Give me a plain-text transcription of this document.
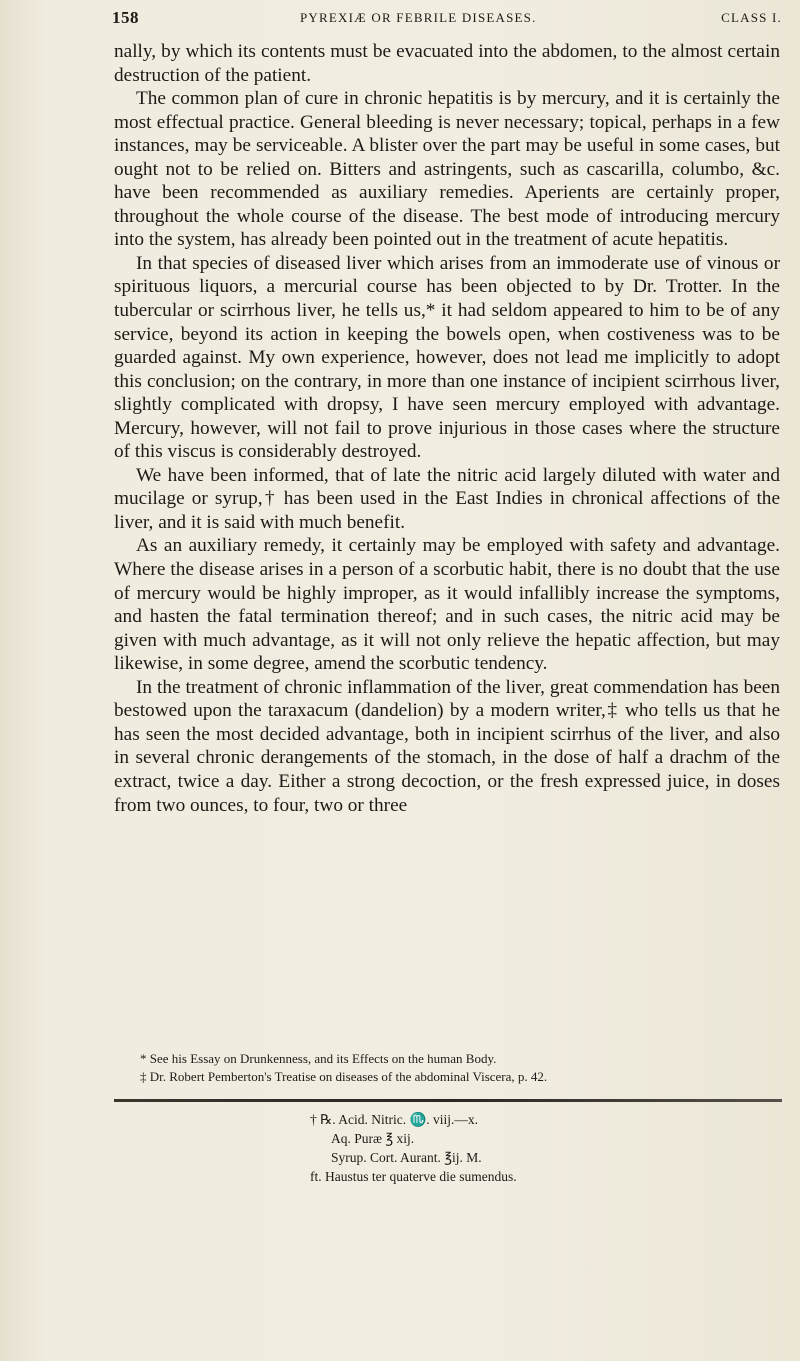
158	PYREXIÆ OR FEBRILE DISEASES.	CLASS I.

nally, by which its contents must be evacuated into the abdomen, to the almost certain destruction of the patient.

The common plan of cure in chronic hepatitis is by mercury, and it is certainly the most effectual practice. General bleeding is never necessary; topical, perhaps in a few instances, may be serviceable. A blister over the part may be useful in some cases, but ought not to be relied on. Bitters and astringents, such as cascarilla, columbo, &c. have been recommended as auxiliary remedies. Aperients are certainly proper, throughout the whole course of the disease. The best mode of introducing mercury into the system, has already been pointed out in the treatment of acute hepatitis.

In that species of diseased liver which arises from an immoderate use of vinous or spirituous liquors, a mercurial course has been objected to by Dr. Trotter. In the tubercular or scirrhous liver, he tells us,* it had seldom appeared to him to be of any service, beyond its action in keeping the bowels open, when costiveness was to be guarded against. My own experience, however, does not lead me implicitly to adopt this conclusion; on the contrary, in more than one instance of incipient scirrhous liver, slightly complicated with dropsy, I have seen mercury employed with advantage. Mercury, however, will not fail to prove injurious in those cases where the structure of this viscus is considerably destroyed.

We have been informed, that of late the nitric acid largely diluted with water and mucilage or syrup,† has been used in the East Indies in chronical affections of the liver, and it is said with much benefit.

As an auxiliary remedy, it certainly may be employed with safety and advantage. Where the disease arises in a person of a scorbutic habit, there is no doubt that the use of mercury would be highly improper, as it would infallibly increase the symptoms, and hasten the fatal termination thereof; and in such cases, the nitric acid may be given with much advantage, as it will not only relieve the hepatic affection, but may likewise, in some degree, amend the scorbutic tendency.

In the treatment of chronic inflammation of the liver, great commendation has been bestowed upon the taraxacum (dandelion) by a modern writer,‡ who tells us that he has seen the most decided advantage, both in incipient scirrhus of the liver, and also in several chronic derangements of the stomach, in the dose of half a drachm of the extract, twice a day. Either a strong decoction, or the fresh expressed juice, in doses from two ounces, to four, two or three

* See his Essay on Drunkenness, and its Effects on the human Body.

‡ Dr. Robert Pemberton's Treatise on diseases of the abdominal Viscera, p. 42.

† ℞. Acid. Nitric. ♏. viij.—x.

Aq. Puræ ℥ xij.

Syrup. Cort. Aurant. ℥ij. M.

ft. Haustus ter quaterve die sumendus.
